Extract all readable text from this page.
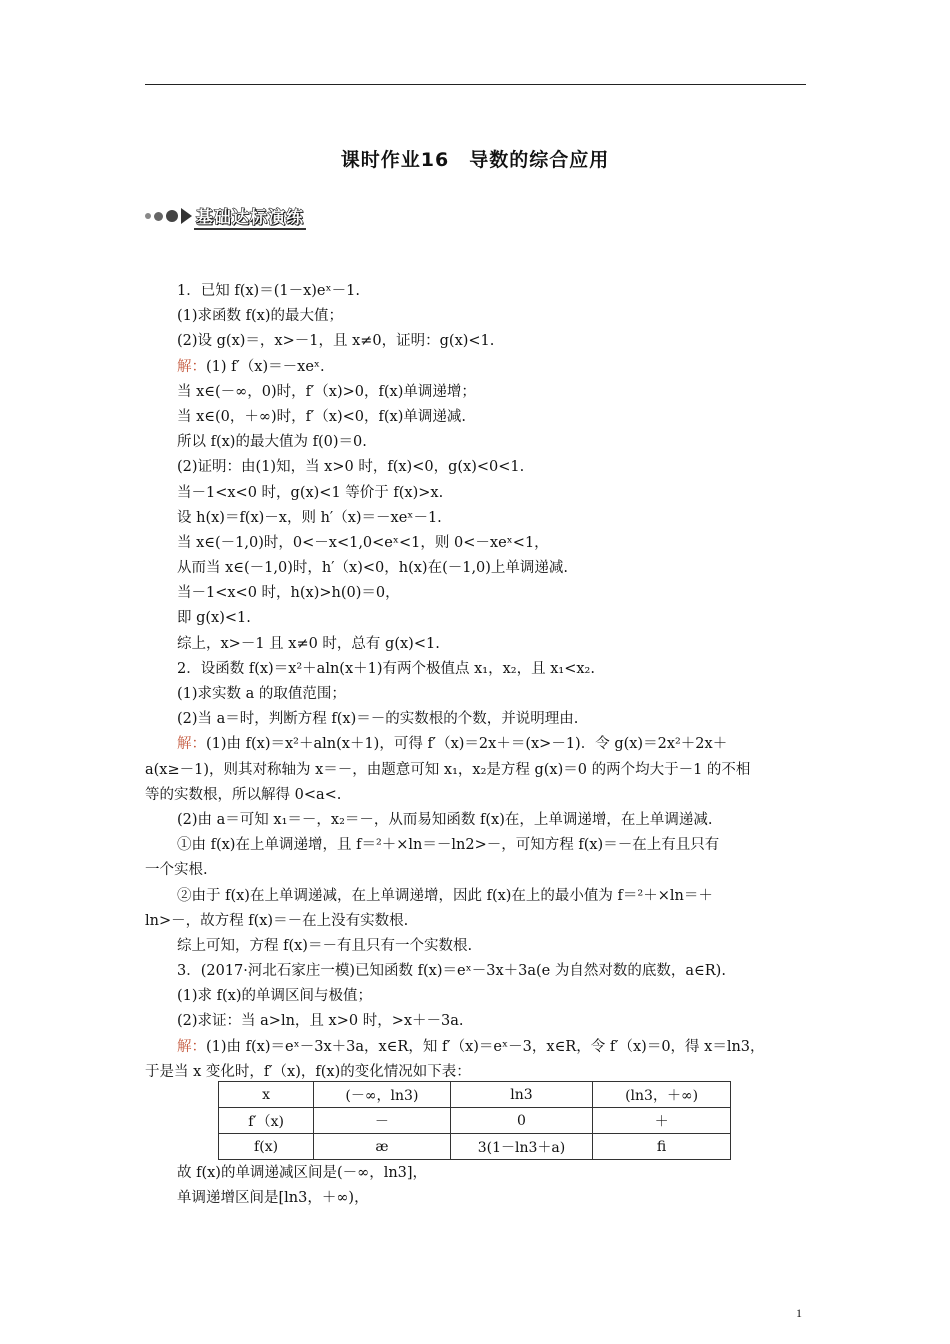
课时作业16　导数的综合应用
基础达标演练
1．已知 f(x)＝(1－x)eˣ－1.
(1)求函数 f(x)的最大值；
(2)设 g(x)＝，x>－1，且 x≠0，证明：g(x)<1.
解：(1) f′（x)＝－xeˣ.
当 x∈(－∞，0)时，f′（x)>0，f(x)单调递增；
当 x∈(0，＋∞)时，f′（x)<0，f(x)单调递减.
所以 f(x)的最大值为 f(0)＝0.
(2)证明：由(1)知，当 x>0 时，f(x)<0，g(x)<0<1.
当－1<x<0 时，g(x)<1 等价于 f(x)>x.
设 h(x)＝f(x)－x，则 h′（x)＝－xeˣ－1.
当 x∈(－1,0)时，0<－x<1,0<eˣ<1，则 0<－xeˣ<1，
从而当 x∈(－1,0)时，h′（x)<0，h(x)在(－1,0)上单调递减.
当－1<x<0 时，h(x)>h(0)＝0，
即 g(x)<1.
综上，x>－1 且 x≠0 时，总有 g(x)<1.
2．设函数 f(x)＝x²＋aln(x＋1)有两个极值点 x₁，x₂，且 x₁<x₂.
(1)求实数 a 的取值范围；
(2)当 a＝时，判断方程 f(x)＝－的实数根的个数，并说明理由.
解：(1)由 f(x)＝x²＋aln(x＋1)，可得 f′（x)＝2x＋＝(x>－1)．令 g(x)＝2x²＋2x＋
a(x≥－1)，则其对称轴为 x＝－，由题意可知 x₁，x₂是方程 g(x)＝0 的两个均大于－1 的不相
等的实数根，所以解得 0<a<.
(2)由 a＝可知 x₁＝－，x₂＝－，从而易知函数 f(x)在，上单调递增，在上单调递减.
①由 f(x)在上单调递增，且 f＝²＋×ln＝－ln2>－，可知方程 f(x)＝－在上有且只有
一个实根.
②由于 f(x)在上单调递减，在上单调递增，因此 f(x)在上的最小值为 f＝²＋×ln＝＋
ln>－，故方程 f(x)＝－在上没有实数根.
综上可知，方程 f(x)＝－有且只有一个实数根.
3．(2017·河北石家庄一模)已知函数 f(x)＝eˣ－3x＋3a(e 为自然对数的底数，a∈R).
(1)求 f(x)的单调区间与极值；
(2)求证：当 a>ln，且 x>0 时，>x＋－3a.
解：(1)由 f(x)＝eˣ－3x＋3a，x∈R，知 f′（x)＝eˣ－3，x∈R，令 f′（x)＝0，得 x＝ln3，
于是当 x 变化时，f′（x)，f(x)的变化情况如下表：
x	(－∞，ln3)	ln3	(ln3，＋∞)
f′（x)	－	0	＋
f(x)	æ	3(1－ln3＋a)	ﬁ
故 f(x)的单调递减区间是(－∞，ln3]，
单调递增区间是[ln3，＋∞)，
1
